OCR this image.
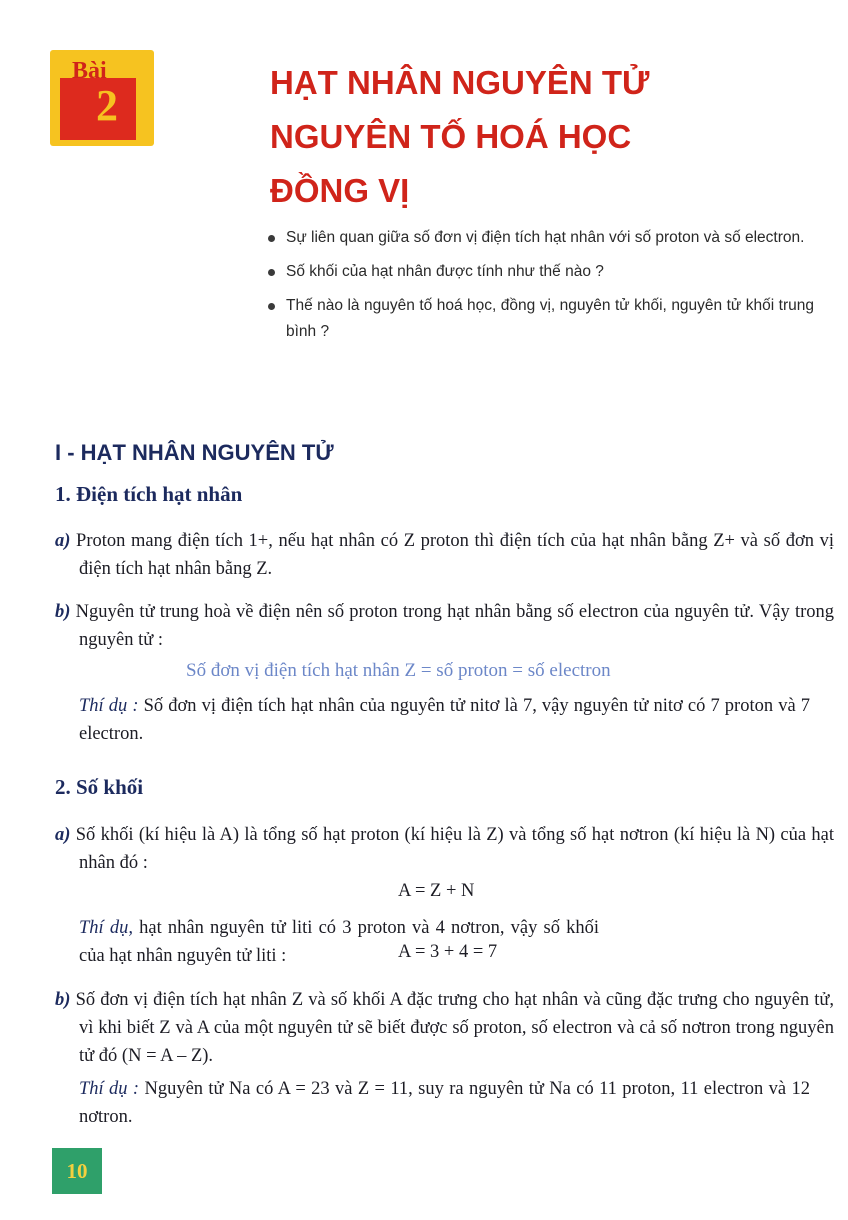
Bài
2	HẠT NHÂN NGUYÊN TỬ
NGUYÊN TỐ HOÁ HỌC
ĐỒNG VỊ
Sự liên quan giữa số đơn vị điện tích hạt nhân với số proton và số electron.
Số khối của hạt nhân được tính như thế nào ?
Thế nào là nguyên tố hoá học, đồng vị, nguyên tử khối, nguyên tử khối trung bình ?
I - HẠT NHÂN NGUYÊN TỬ
1. Điện tích hạt nhân
a) Proton mang điện tích 1+, nếu hạt nhân có Z proton thì điện tích của hạt nhân bằng Z+ và số đơn vị điện tích hạt nhân bằng Z.
b) Nguyên tử trung hoà về điện nên số proton trong hạt nhân bằng số electron của nguyên tử. Vậy trong nguyên tử :
Số đơn vị điện tích hạt nhân Z = số proton = số electron
Thí dụ : Số đơn vị điện tích hạt nhân của nguyên tử nitơ là 7, vậy nguyên tử nitơ có 7 proton và 7 electron.
2. Số khối
a) Số khối (kí hiệu là A) là tổng số hạt proton (kí hiệu là Z) và tổng số hạt nơtron (kí hiệu là N) của hạt nhân đó :
A = Z + N
Thí dụ, hạt nhân nguyên tử liti có 3 proton và 4 nơtron, vậy số khối của hạt nhân nguyên tử liti :	A = 3 + 4 = 7
b) Số đơn vị điện tích hạt nhân Z và số khối A đặc trưng cho hạt nhân và cũng đặc trưng cho nguyên tử, vì khi biết Z và A của một nguyên tử sẽ biết được số proton, số electron và cả số nơtron trong nguyên tử đó (N = A – Z).
Thí dụ : Nguyên tử Na có A = 23 và Z = 11, suy ra nguyên tử Na có 11 proton, 11 electron và 12 nơtron.
10
